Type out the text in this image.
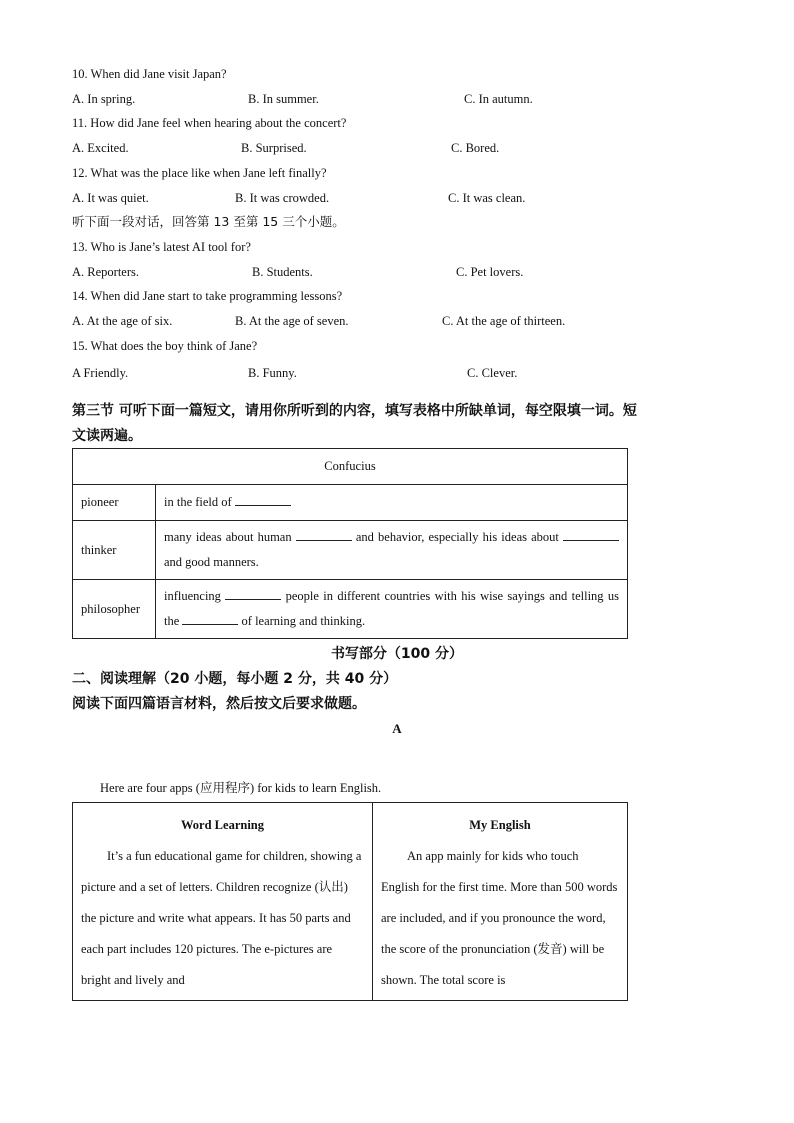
10. When did Jane visit Japan?
A. In spring.	B. In summer.	C. In autumn.
11. How did Jane feel when hearing about the concert?
A. Excited.	B. Surprised.	C. Bored.
12. What was the place like when Jane left finally?
A. It was quiet.	B. It was crowded.	C. It was clean.
听下面一段对话，回答第 13 至第 15 三个小题。
13. Who is Jane’s latest AI tool for?
A. Reporters.	B. Students.	C. Pet lovers.
14. When did Jane start to take programming lessons?
A. At the age of six.	B. At the age of seven.	C. At the age of thirteen.
15. What does the boy think of Jane?
A Friendly.	B. Funny.	C. Clever.
第三节 可听下面一篇短文，请用你所听到的内容，填写表格中所缺单词，每空限填一词。短
文读两遍。
Confucius	
pioneer	in the field of
thinker	many ideas about human and behavior, especially his ideas about  and good manners.
philosopher	influencing people in different countries with his wise sayings and telling us the of learning and thinking.
书写部分（100 分）
二、阅读理解（20 小题，每小题 2 分，共 40 分）
阅读下面四篇语言材料，然后按文后要求做题。
A
Here are four apps (应用程序) for kids to learn English.
Word Learning
It’s a fun educational game for children, showing a picture and a set of letters. Children recognize (认出) the picture and write what appears. It has 50 parts and each part includes 120 pictures. The e-pictures are bright and lively and

My English
An app mainly for kids who touch English for the first time. More than 500 words are included, and if you pronounce the word, the score of the pronunciation (发音) will be shown. The total score is
